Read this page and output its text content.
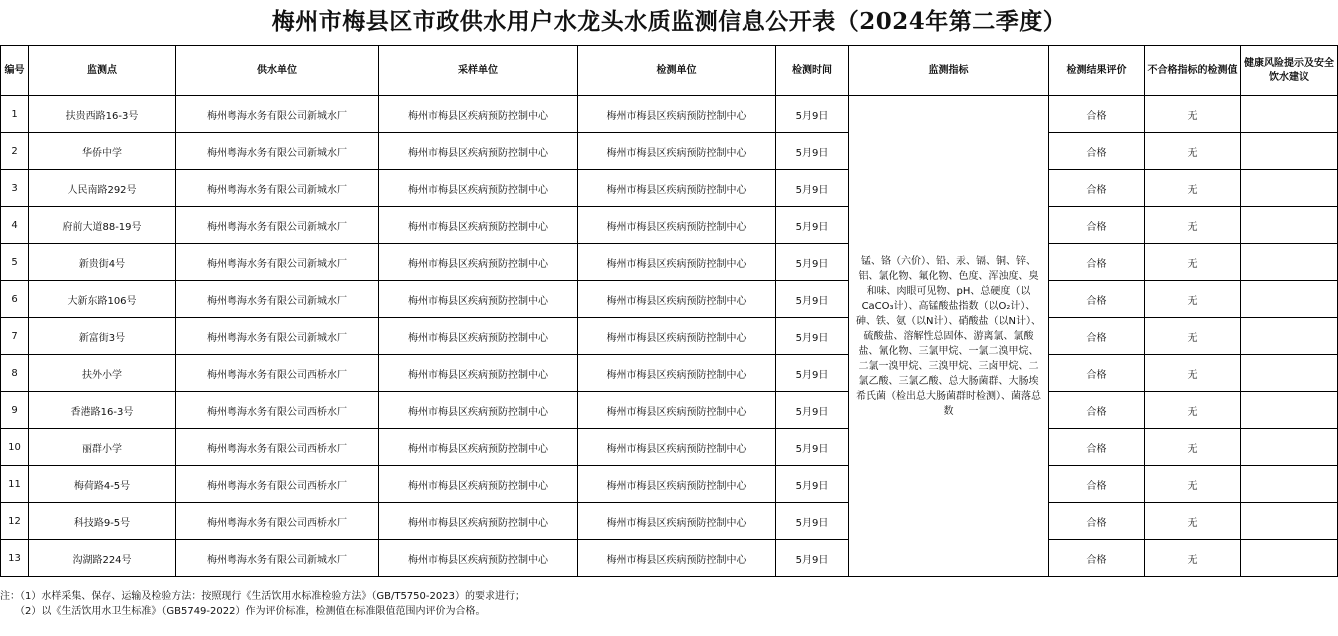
梅州市梅县区市政供水用户水龙头水质监测信息公开表（2024年第二季度）
编号	监测点	供水单位	采样单位	检测单位	检测时间	监测指标	检测结果评价	不合格指标的检测值	健康风险提示及安全饮水建议
1	扶贵西路16-3号	梅州粤海水务有限公司新城水厂	梅州市梅县区疾病预防控制中心	梅州市梅县区疾病预防控制中心	5月9日	锰、铬（六价）、铅、汞、镉、铜、锌、铝、氯化物、氟化物、色度、浑浊度、臭和味、肉眼可见物、pH、总硬度（以CaCO₃计）、高锰酸盐指数（以O₂计）、砷、铁、氨（以N计）、硝酸盐（以N计）、硫酸盐、溶解性总固体、游离氯、氯酸盐、氰化物、三氯甲烷、一氯二溴甲烷、二氯一溴甲烷、三溴甲烷、三卤甲烷、二氯乙酸、三氯乙酸、总大肠菌群、大肠埃希氏菌（检出总大肠菌群时检测）、菌落总数	合格	无	
2	华侨中学	梅州粤海水务有限公司新城水厂	梅州市梅县区疾病预防控制中心	梅州市梅县区疾病预防控制中心	5月9日		合格	无	
3	人民南路292号	梅州粤海水务有限公司新城水厂	梅州市梅县区疾病预防控制中心	梅州市梅县区疾病预防控制中心	5月9日		合格	无	
4	府前大道88-19号	梅州粤海水务有限公司新城水厂	梅州市梅县区疾病预防控制中心	梅州市梅县区疾病预防控制中心	5月9日		合格	无	
5	新贵街4号	梅州粤海水务有限公司新城水厂	梅州市梅县区疾病预防控制中心	梅州市梅县区疾病预防控制中心	5月9日		合格	无	
6	大新东路106号	梅州粤海水务有限公司新城水厂	梅州市梅县区疾病预防控制中心	梅州市梅县区疾病预防控制中心	5月9日		合格	无	
7	新富街3号	梅州粤海水务有限公司新城水厂	梅州市梅县区疾病预防控制中心	梅州市梅县区疾病预防控制中心	5月9日		合格	无	
8	扶外小学	梅州粤海水务有限公司西桥水厂	梅州市梅县区疾病预防控制中心	梅州市梅县区疾病预防控制中心	5月9日		合格	无	
9	香港路16-3号	梅州粤海水务有限公司西桥水厂	梅州市梅县区疾病预防控制中心	梅州市梅县区疾病预防控制中心	5月9日		合格	无	
10	丽群小学	梅州粤海水务有限公司西桥水厂	梅州市梅县区疾病预防控制中心	梅州市梅县区疾病预防控制中心	5月9日		合格	无	
11	梅荷路4-5号	梅州粤海水务有限公司西桥水厂	梅州市梅县区疾病预防控制中心	梅州市梅县区疾病预防控制中心	5月9日		合格	无	
12	科技路9-5号	梅州粤海水务有限公司西桥水厂	梅州市梅县区疾病预防控制中心	梅州市梅县区疾病预防控制中心	5月9日		合格	无	
13	沟湖路224号	梅州粤海水务有限公司新城水厂	梅州市梅县区疾病预防控制中心	梅州市梅县区疾病预防控制中心	5月9日		合格	无	
注：（1）水样采集、保存、运输及检验方法：按照现行《生活饮用水标准检验方法》（GB/T5750-2023）的要求进行；
（2）以《生活饮用水卫生标准》（GB5749-2022）作为评价标准，检测值在标准限值范围内评价为合格。
